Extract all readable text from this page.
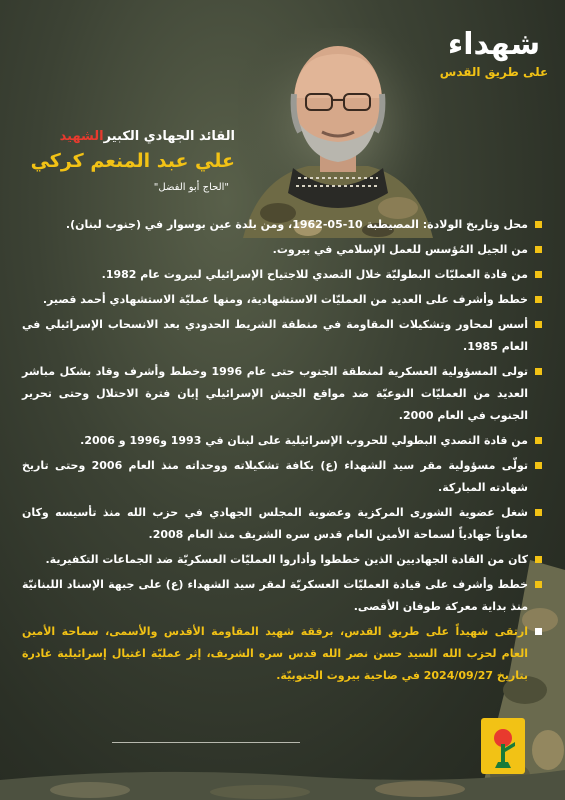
شهداء
على طريق القدس
القائد الجهادي الكبيرالشهيد
علي عبد المنعم كركي
"الحاج أبو الفضل"
محل وتاريخ الولادة: المصيطبة 10-05-1962، ومن بلدة عين بوسوار في (جنوب لبنان).
من الجيل المُؤسس للعمل الإسلامي في بيروت.
من قادة العمليّات البطوليّة خلال التصدي للاجتياح الإسرائيلي لبيروت عام 1982.
خطط وأشرف على العديد من العمليّات الاستشهادية، ومنها عمليّة الاستشهادي أحمد قصير.
أسس لمحاور وتشكيلات المقاومة في منطقة الشريط الحدودي بعد الانسحاب الإسرائيلي في العام 1985.
تولى المسؤولية العسكرية لمنطقة الجنوب حتى عام 1996 وخطط وأشرف وقاد بشكل مباشر العديد من العمليّات النوعيّة ضد مواقع الجيش الإسرائيلي إبان فترة الاحتلال وحتى تحرير الجنوب في العام 2000.
من قادة التصدي البطولي للحروب الإسرائيلية على لبنان في 1993 و1996 و 2006.
تولّى مسؤولية مقر سيد الشهداء (ع) بكافة تشكيلاته ووحداته منذ العام 2006 وحتى تاريخ شهادته المباركة.
شغل عضوية الشورى المركزية وعضوية المجلس الجهادي في حزب الله منذ تأسيسه وكان معاوناً جهادياً لسماحة الأمين العام قدس سره الشريف منذ العام 2008.
كان من القادة الجهاديين الذين خططوا وأداروا العمليّات العسكريّة ضد الجماعات التكفيرية.
خطط وأشرف على قيادة العمليّات العسكريّة لمقر سيد الشهداء (ع) على جبهة الإسناد اللبنانيّة منذ بداية معركة طوفان الأقصى.
ارتقى شهيداً على طريق القدس، برفقة شهيد المقاومة الأقدس والأسمى، سماحة الأمين العام لحزب الله السيد حسن نصر الله قدس سره الشريف، إثر عمليّة اغتيال إسرائيلية غادرة بتاريخ 2024/09/27 في ضاحية بيروت الجنوبيّة.
